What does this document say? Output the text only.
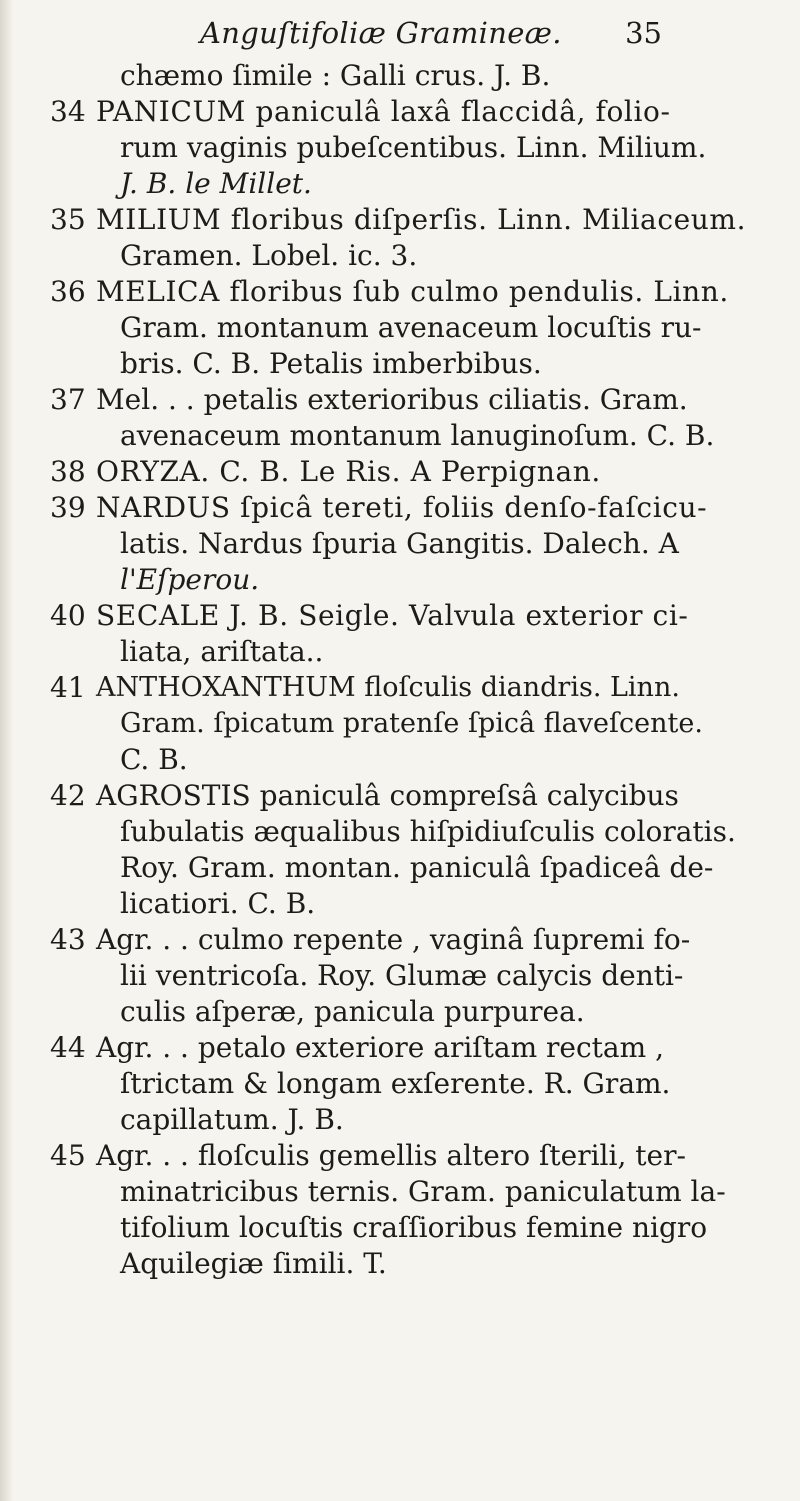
Anguſtifoliæ Gramineæ. 35
chæmo ſimile : Galli crus. J. B.
34 PANICUM paniculâ laxâ flaccidâ, folio-
rum vaginis pubeſcentibus. Linn. Milium.
J. B. le Millet.
35 MILIUM floribus diſperſis. Linn. Miliaceum.
Gramen. Lobel. ic. 3.
36 MELICA floribus ſub culmo pendulis. Linn.
Gram. montanum avenaceum locuſtis ru-
bris. C. B. Petalis imberbibus.
37 Mel. . . petalis exterioribus ciliatis. Gram.
avenaceum montanum lanuginoſum. C. B.
38 ORYZA. C. B. Le Ris. A Perpignan.
39 NARDUS ſpicâ tereti, foliis denſo-faſcicu-
latis. Nardus ſpuria Gangitis. Dalech. A
l'Eſperou.
40 SECALE J. B. Seigle. Valvula exterior ci-
liata, ariſtata..
41 ANTHOXANTHUM floſculis diandris. Linn.
Gram. ſpicatum pratenſe ſpicâ flaveſcente.
C. B.
42 AGROSTIS paniculâ compreſsâ calycibus
ſubulatis æqualibus hiſpidiuſculis coloratis.
Roy. Gram. montan. paniculâ ſpadiceâ de-
licatiori. C. B.
43 Agr. . . culmo repente , vaginâ ſupremi fo-
lii ventricoſa. Roy. Glumæ calycis denti-
culis aſperæ, panicula purpurea.
44 Agr. . . petalo exteriore ariſtam rectam ,
ſtrictam & longam exſerente. R. Gram.
capillatum. J. B.
45 Agr. . . floſculis gemellis altero ſterili, ter-
minatricibus ternis. Gram. paniculatum la-
tifolium locuſtis craſſioribus femine nigro
Aquilegiæ ſimili. T.
